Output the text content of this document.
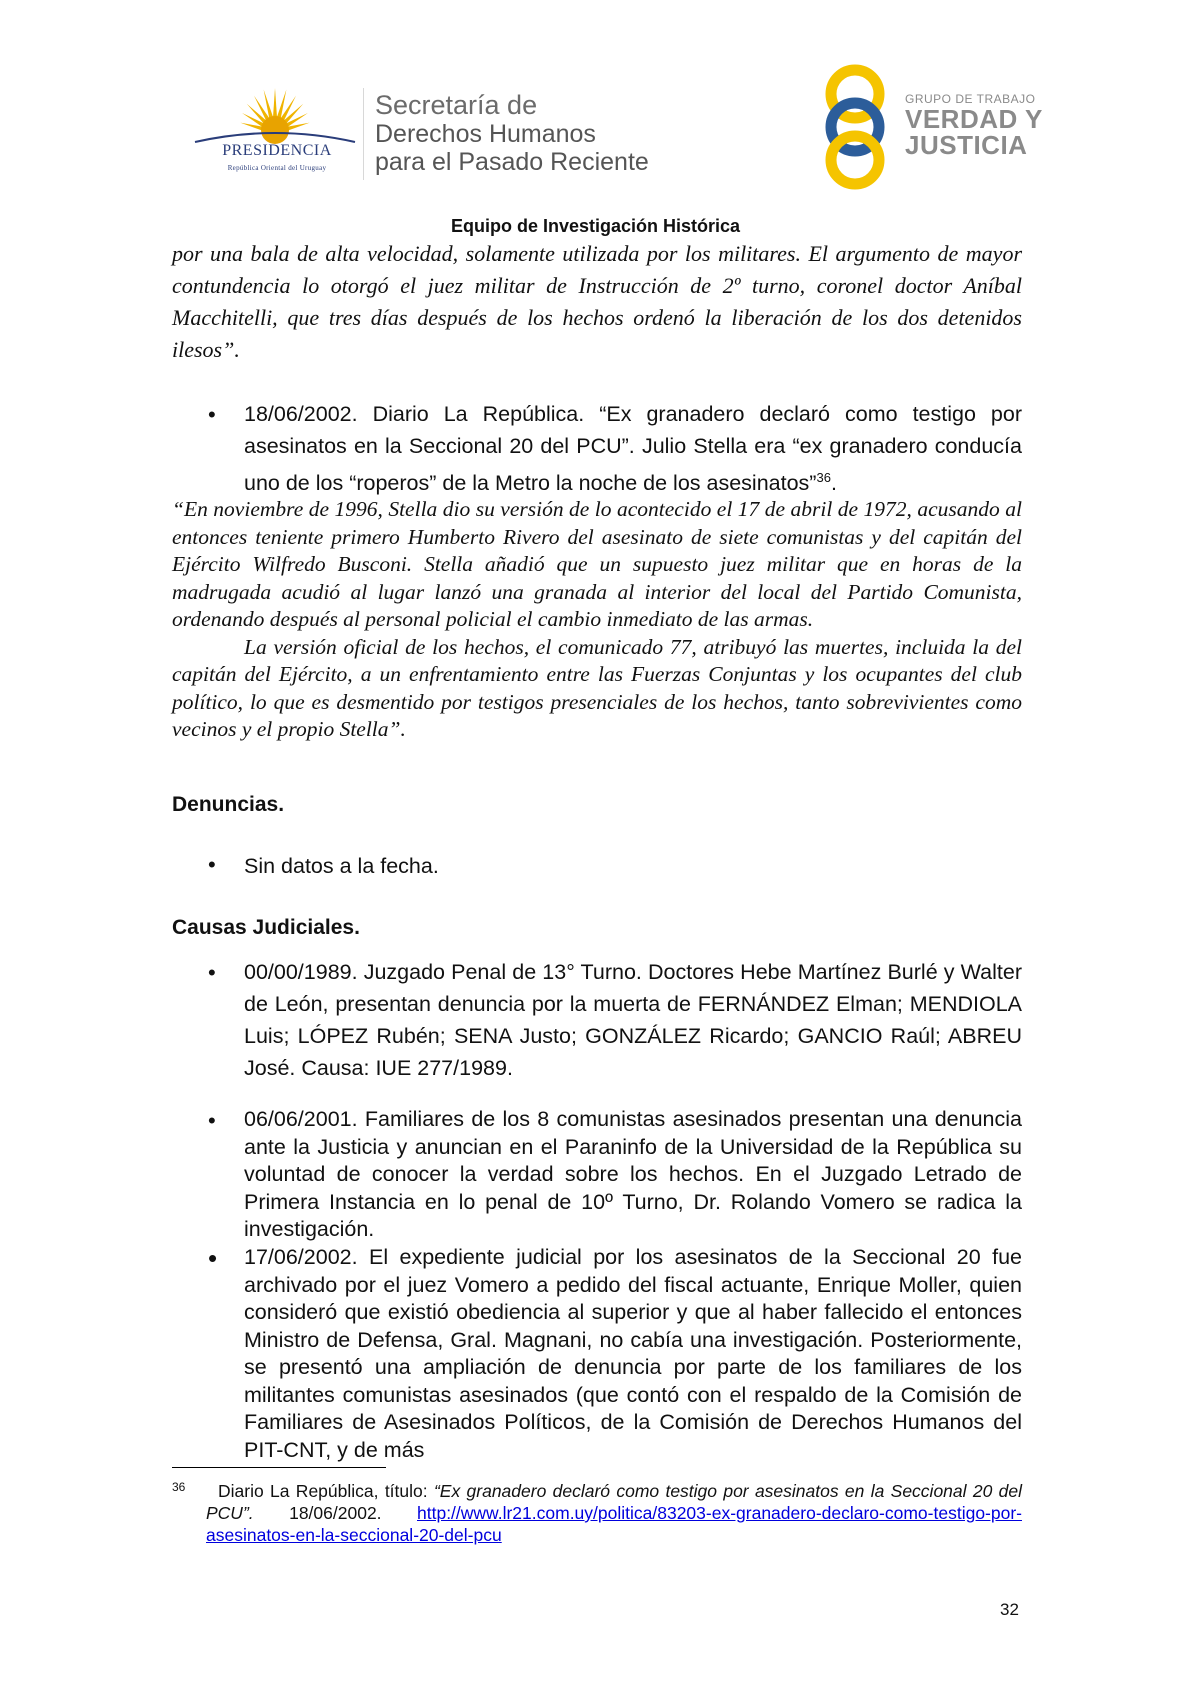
PRESIDENCIA
República Oriental del Uruguay
Secretaría de
Derechos Humanos
para el Pasado Reciente
GRUPO DE TRABAJO
VERDAD Y
JUSTICIA
Equipo de Investigación Histórica
por una bala de alta velocidad, solamente utilizada por los militares. El argumento de mayor contundencia lo otorgó el juez militar de Instrucción de 2º turno, coronel doctor Aníbal Macchitelli, que tres días después de los hechos ordenó la liberación de los dos detenidos ilesos”.
• 18/06/2002. Diario La República. “Ex granadero declaró como testigo por asesinatos en la Seccional 20 del PCU”. Julio Stella era “ex granadero conducía uno de los “roperos” de la Metro la noche de los asesinatos”$^{36}$.
“En noviembre de 1996, Stella dio su versión de lo acontecido el 17 de abril de 1972, acusando al entonces teniente primero Humberto Rivero del asesinato de siete comunistas y del capitán del Ejército Wilfredo Busconi. Stella añadió que un supuesto juez militar que en horas de la madrugada acudió al lugar lanzó una granada al interior del local del Partido Comunista, ordenando después al personal policial el cambio inmediato de las armas.
La versión oficial de los hechos, el comunicado 77, atribuyó las muertes, incluida la del capitán del Ejército, a un enfrentamiento entre las Fuerzas Conjuntas y los ocupantes del club político, lo que es desmentido por testigos presenciales de los hechos, tanto sobrevivientes como vecinos y el propio Stella”.
Denuncias.
• Sin datos a la fecha.
Causas Judiciales.
• 00/00/1989. Juzgado Penal de 13° Turno. Doctores Hebe Martínez Burlé y Walter de León, presentan denuncia por la muerta de FERNÁNDEZ Elman; MENDIOLA Luis; LÓPEZ Rubén; SENA Justo; GONZÁLEZ Ricardo; GANCIO Raúl; ABREU José. Causa: IUE 277/1989.
• 06/06/2001. Familiares de los 8 comunistas asesinados presentan una denuncia ante la Justicia y anuncian en el Paraninfo de la Universidad de la República su voluntad de conocer la verdad sobre los hechos. En el Juzgado Letrado de Primera Instancia en lo penal de 10º Turno, Dr. Rolando Vomero se radica la investigación.
• 17/06/2002. El expediente judicial por los asesinatos de la Seccional 20 fue archivado por el juez Vomero a pedido del fiscal actuante, Enrique Moller, quien consideró que existió obediencia al superior y que al haber fallecido el entonces Ministro de Defensa, Gral. Magnani, no cabía una investigación. Posteriormente, se presentó una ampliación de denuncia por parte de los familiares de los militantes comunistas asesinados (que contó con el respaldo de la Comisión de Familiares de Asesinados Políticos, de la Comisión de Derechos Humanos del PIT-CNT, y de más
36	Diario La República, título: “Ex granadero declaró como testigo por asesinatos en la Seccional 20 del PCU”. 18/06/2002. http://www.lr21.com.uy/politica/83203-ex-granadero-declaro-como-testigo-por-asesinatos-en-la-seccional-20-del-pcu
32
